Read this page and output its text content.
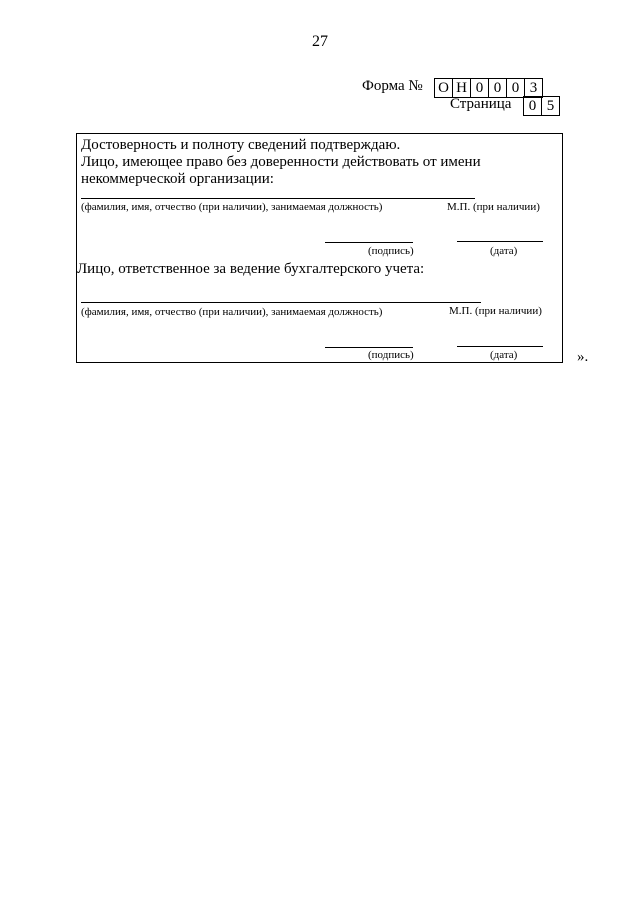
27
Форма № О Н 0 0 0 3
Страница	0 5
Достоверность и полноту сведений подтверждаю.
Лицо, имеющее право без доверенности действовать от имени
некоммерческой организации:
(фамилия, имя, отчество (при наличии), занимаемая должность)	М.П. (при наличии)
(подпись)	(дата)
Лицо, ответственное за ведение бухгалтерского учета:
(фамилия, имя, отчество (при наличии), занимаемая должность)	М.П. (при наличии)
(подпись)	(дата)	».
